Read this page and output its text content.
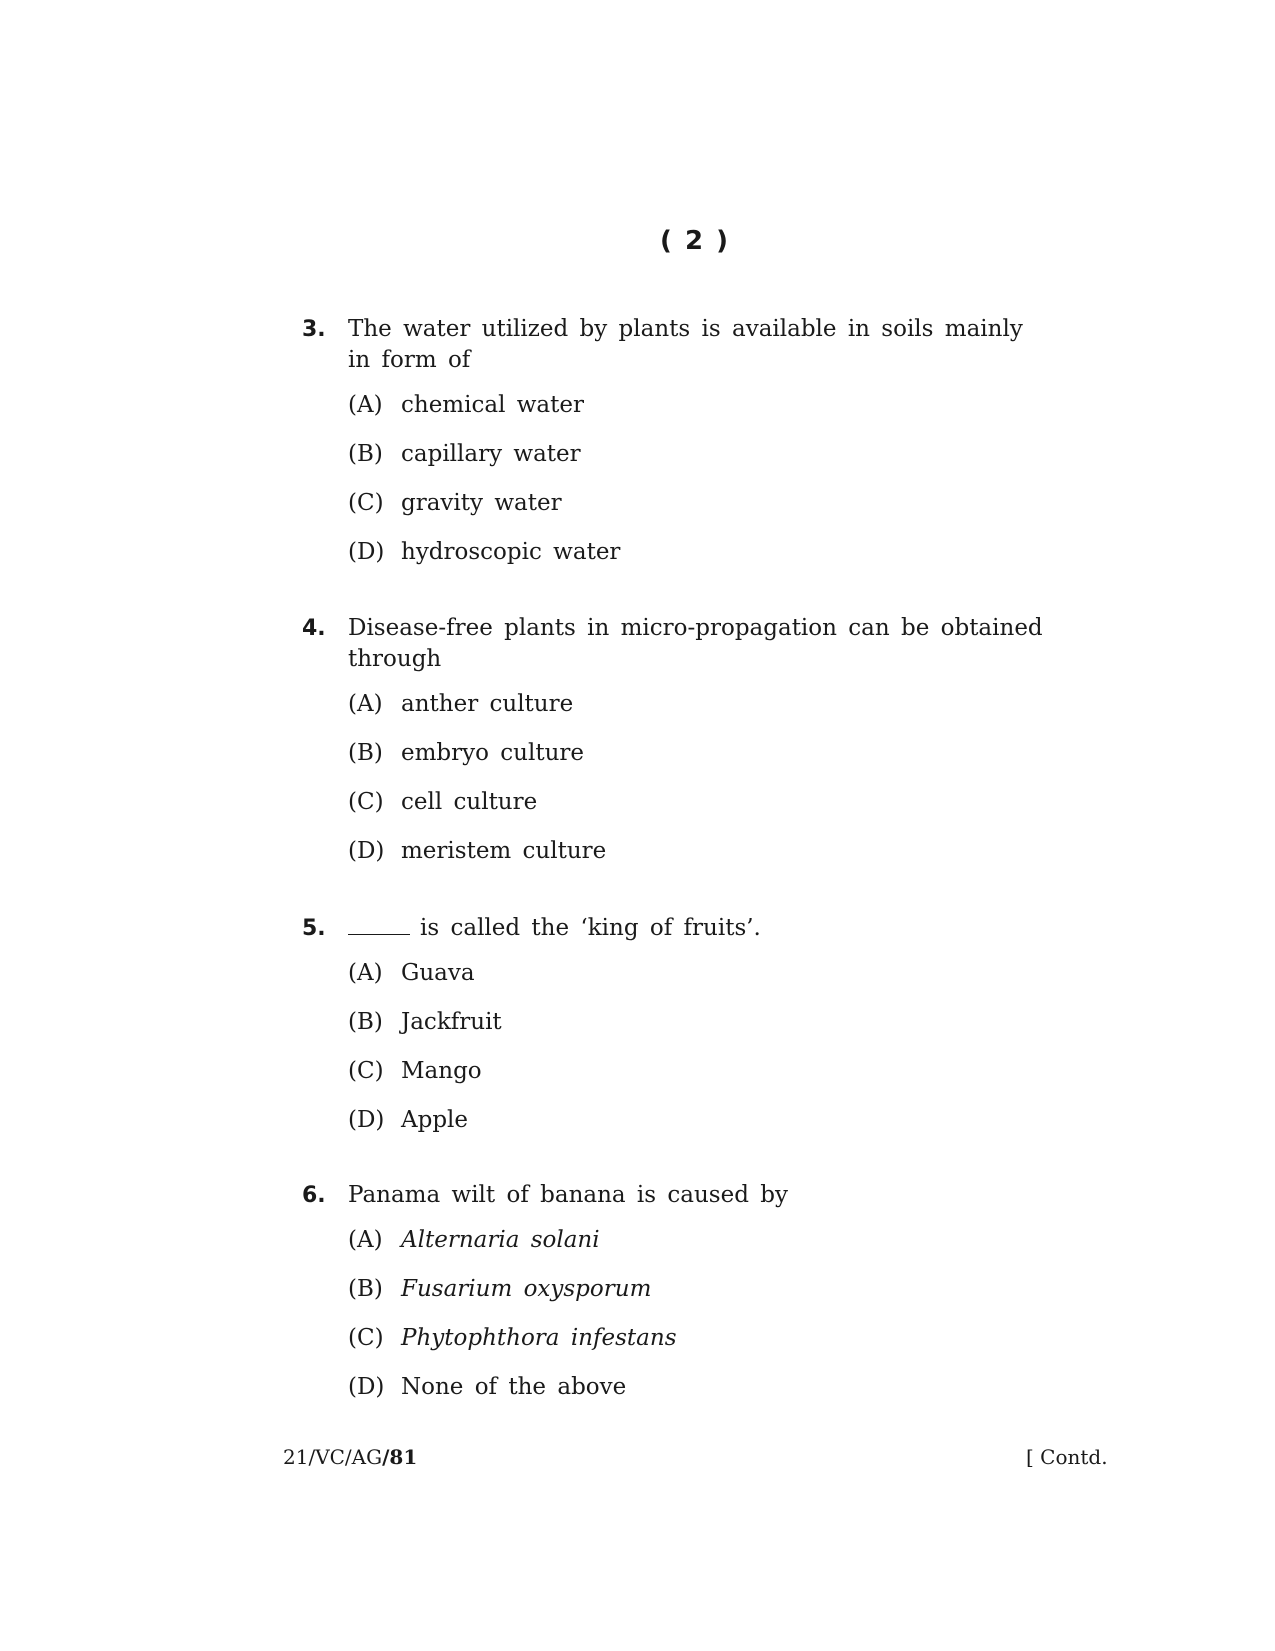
( 2 )
3. The water utilized by plants is available in soils mainly
in form of
(A) chemical water
(B) capillary water
(C) gravity water
(D) hydroscopic water
4. Disease-free plants in micro-propagation can be obtained
through
(A) anther culture
(B) embryo culture
(C) cell culture
(D) meristem culture
5.	is called the ‘king of fruits’.
(A) Guava
(B) Jackfruit
(C) Mango
(D) Apple
6. Panama wilt of banana is caused by
(A) Alternaria solani
(B) Fusarium oxysporum
(C) Phytophthora infestans
(D) None of the above
21/VC/AG/81	[ Contd.
